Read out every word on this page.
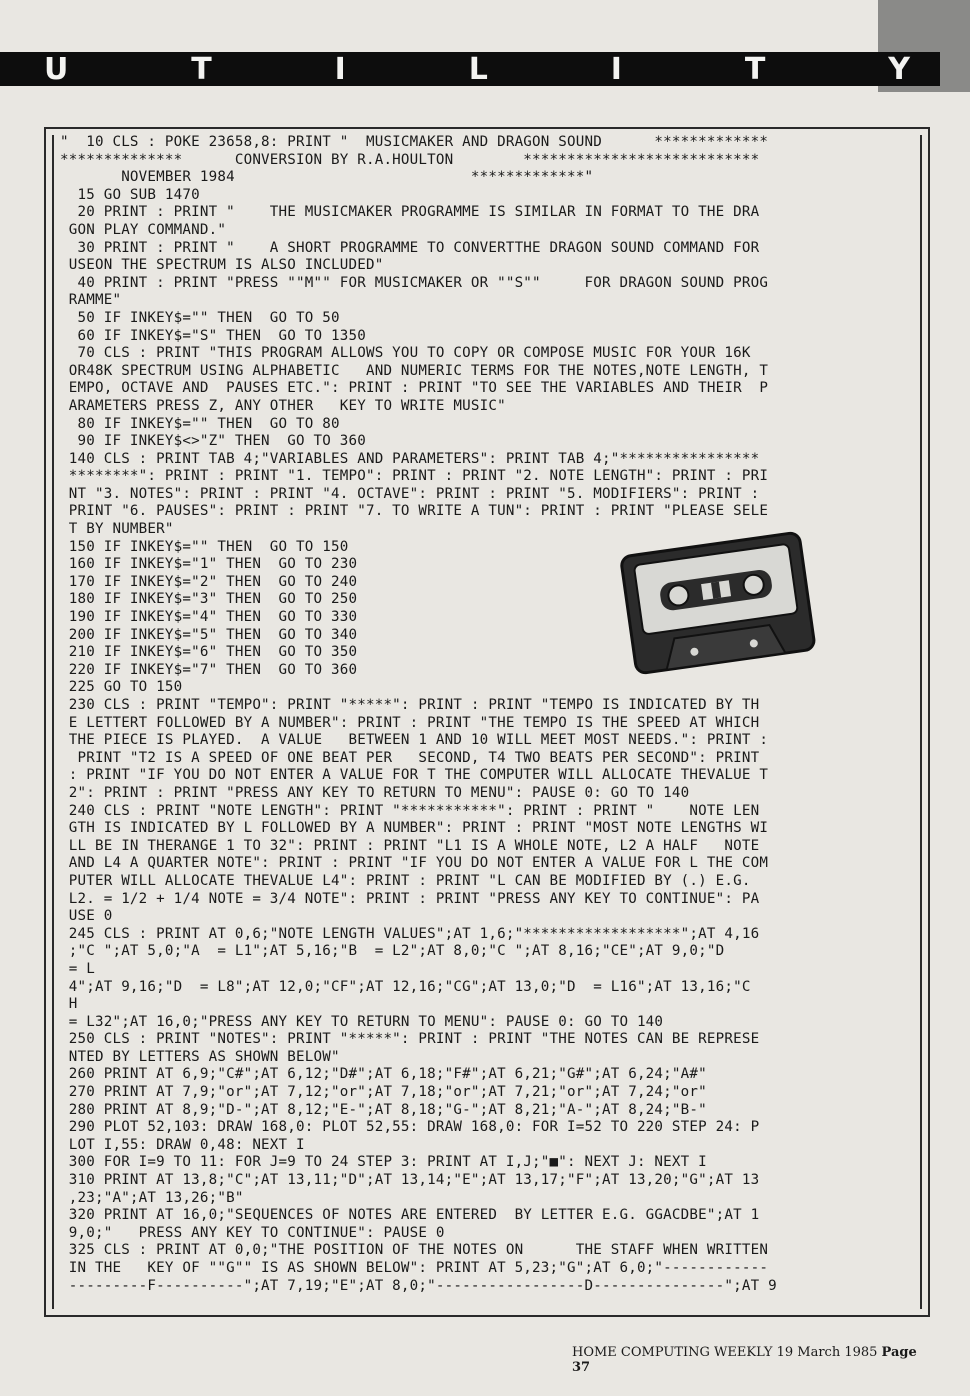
U	T	I	L	I	T	Y
"  10 CLS : POKE 23658,8: PRINT "  MUSICMAKER AND DRAGON SOUND      *************
**************      CONVERSION BY R.A.HOULTON        ***************************
NOVEMBER 1984                           *************"
15 GO SUB 1470
20 PRINT : PRINT "    THE MUSICMAKER PROGRAMME IS SIMILAR IN FORMAT TO THE DRA
GON PLAY COMMAND."
30 PRINT : PRINT "    A SHORT PROGRAMME TO CONVERTTHE DRAGON SOUND COMMAND FOR
USEON THE SPECTRUM IS ALSO INCLUDED"
40 PRINT : PRINT "PRESS ""M"" FOR MUSICMAKER OR ""S""     FOR DRAGON SOUND PROG
RAMME"
50 IF INKEY$="" THEN  GO TO 50
60 IF INKEY$="S" THEN  GO TO 1350
70 CLS : PRINT "THIS PROGRAM ALLOWS YOU TO COPY OR COMPOSE MUSIC FOR YOUR 16K
OR48K SPECTRUM USING ALPHABETIC   AND NUMERIC TERMS FOR THE NOTES,NOTE LENGTH, T
EMPO, OCTAVE AND  PAUSES ETC.": PRINT : PRINT "TO SEE THE VARIABLES AND THEIR  P
ARAMETERS PRESS Z, ANY OTHER   KEY TO WRITE MUSIC"
80 IF INKEY$="" THEN  GO TO 80
90 IF INKEY$<>"Z" THEN  GO TO 360
140 CLS : PRINT TAB 4;"VARIABLES AND PARAMETERS": PRINT TAB 4;"****************
********": PRINT : PRINT "1. TEMPO": PRINT : PRINT "2. NOTE LENGTH": PRINT : PRI
NT "3. NOTES": PRINT : PRINT "4. OCTAVE": PRINT : PRINT "5. MODIFIERS": PRINT :
PRINT "6. PAUSES": PRINT : PRINT "7. TO WRITE A TUN": PRINT : PRINT "PLEASE SELE
T BY NUMBER"
150 IF INKEY$="" THEN  GO TO 150
160 IF INKEY$="1" THEN  GO TO 230
170 IF INKEY$="2" THEN  GO TO 240
180 IF INKEY$="3" THEN  GO TO 250
190 IF INKEY$="4" THEN  GO TO 330
200 IF INKEY$="5" THEN  GO TO 340
210 IF INKEY$="6" THEN  GO TO 350
220 IF INKEY$="7" THEN  GO TO 360
225 GO TO 150
230 CLS : PRINT "TEMPO": PRINT "*****": PRINT : PRINT "TEMPO IS INDICATED BY TH
E LETTERT FOLLOWED BY A NUMBER": PRINT : PRINT "THE TEMPO IS THE SPEED AT WHICH
THE PIECE IS PLAYED.  A VALUE   BETWEEN 1 AND 10 WILL MEET MOST NEEDS.": PRINT :
PRINT "T2 IS A SPEED OF ONE BEAT PER   SECOND, T4 TWO BEATS PER SECOND": PRINT
: PRINT "IF YOU DO NOT ENTER A VALUE FOR T THE COMPUTER WILL ALLOCATE THEVALUE T
2": PRINT : PRINT "PRESS ANY KEY TO RETURN TO MENU": PAUSE 0: GO TO 140
240 CLS : PRINT "NOTE LENGTH": PRINT "***********": PRINT : PRINT "    NOTE LEN
GTH IS INDICATED BY L FOLLOWED BY A NUMBER": PRINT : PRINT "MOST NOTE LENGTHS WI
LL BE IN THERANGE 1 TO 32": PRINT : PRINT "L1 IS A WHOLE NOTE, L2 A HALF   NOTE
AND L4 A QUARTER NOTE": PRINT : PRINT "IF YOU DO NOT ENTER A VALUE FOR L THE COM
PUTER WILL ALLOCATE THEVALUE L4": PRINT : PRINT "L CAN BE MODIFIED BY (.) E.G.
L2. = 1/2 + 1/4 NOTE = 3/4 NOTE": PRINT : PRINT "PRESS ANY KEY TO CONTINUE": PA
USE 0
245 CLS : PRINT AT 0,6;"NOTE LENGTH VALUES";AT 1,6;"******************";AT 4,16
;"C ";AT 5,0;"A  = L1";AT 5,16;"B  = L2";AT 8,0;"C ";AT 8,16;"CE";AT 9,0;"D
= L
4";AT 9,16;"D  = L8";AT 12,0;"CF";AT 12,16;"CG";AT 13,0;"D  = L16";AT 13,16;"C
H
= L32";AT 16,0;"PRESS ANY KEY TO RETURN TO MENU": PAUSE 0: GO TO 140
250 CLS : PRINT "NOTES": PRINT "*****": PRINT : PRINT "THE NOTES CAN BE REPRESE
NTED BY LETTERS AS SHOWN BELOW"
260 PRINT AT 6,9;"C#";AT 6,12;"D#";AT 6,18;"F#";AT 6,21;"G#";AT 6,24;"A#"
270 PRINT AT 7,9;"or";AT 7,12;"or";AT 7,18;"or";AT 7,21;"or";AT 7,24;"or"
280 PRINT AT 8,9;"D-";AT 8,12;"E-";AT 8,18;"G-";AT 8,21;"A-";AT 8,24;"B-"
290 PLOT 52,103: DRAW 168,0: PLOT 52,55: DRAW 168,0: FOR I=52 TO 220 STEP 24: P
LOT I,55: DRAW 0,48: NEXT I
300 FOR I=9 TO 11: FOR J=9 TO 24 STEP 3: PRINT AT I,J;"■": NEXT J: NEXT I
310 PRINT AT 13,8;"C";AT 13,11;"D";AT 13,14;"E";AT 13,17;"F";AT 13,20;"G";AT 13
,23;"A";AT 13,26;"B"
320 PRINT AT 16,0;"SEQUENCES OF NOTES ARE ENTERED  BY LETTER E.G. GGACDBE";AT 1
9,0;"   PRESS ANY KEY TO CONTINUE": PAUSE 0
325 CLS : PRINT AT 0,0;"THE POSITION OF THE NOTES ON      THE STAFF WHEN WRITTEN
IN THE   KEY OF ""G"" IS AS SHOWN BELOW": PRINT AT 5,23;"G";AT 6,0;"------------
---------F----------";AT 7,19;"E";AT 8,0;"-----------------D---------------";AT 9
HOME COMPUTING WEEKLY 19 March 1985 Page 37
